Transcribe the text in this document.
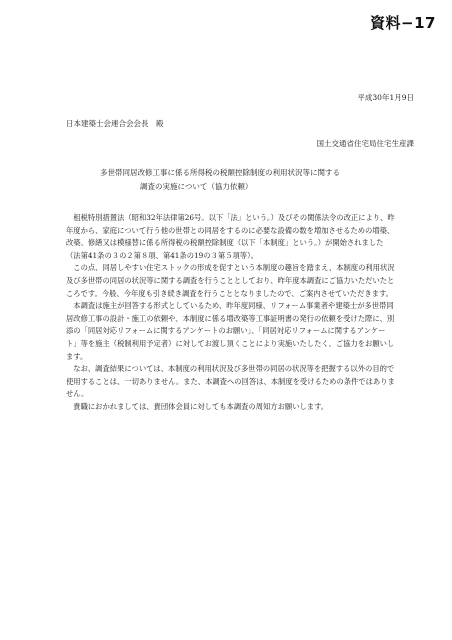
資料−17
平成30年1月9日
日本建築士会連合会会長　殿
国土交通省住宅局住宅生産課
多世帯同居改修工事に係る所得税の税額控除制度の利用状況等に関する
調査の実施について（協力依頼）

租税特別措置法（昭和32年法律第26号。以下「法」という。）及びその関係法令の改正により、昨年度から、家庭について行う他の世帯との同居をするのに必要な設備の数を増加させるための増築、改築、修繕又は模様替に係る所得税の税額控除制度（以下「本制度」という。）が開始されました（法第41条の３の２第８項、第41条の19の３第５項等）。

この点、同居しやすい住宅ストックの形成を促すという本制度の趣旨を踏まえ、本制度の利用状況及び多世帯の同居の状況等に関する調査を行うこととしており、昨年度本調査にご協力いただいたところです。今般、今年度も引き続き調査を行うこととなりましたので、ご案内させていただきます。

本調査は施主が回答する形式としているため、昨年度同様、リフォーム事業者や建築士が多世帯同居改修工事の設計・施工の依頼や、本制度に係る増改築等工事証明書の発行の依頼を受けた際に、別添の「同居対応リフォームに関するアンケートのお願い」、「同居対応リフォームに関するアンケート」等を施主（税制利用予定者）に対してお渡し頂くことにより実施いたしたく、ご協力をお願いします。

なお、調査結果については、本制度の利用状況及び多世帯の同居の状況等を把握する以外の目的で使用することは、一切ありません。また、本調査への回答は、本制度を受けるための条件ではありません。

貴職におかれましては、貴団体会員に対しても本調査の周知方お願いします。
